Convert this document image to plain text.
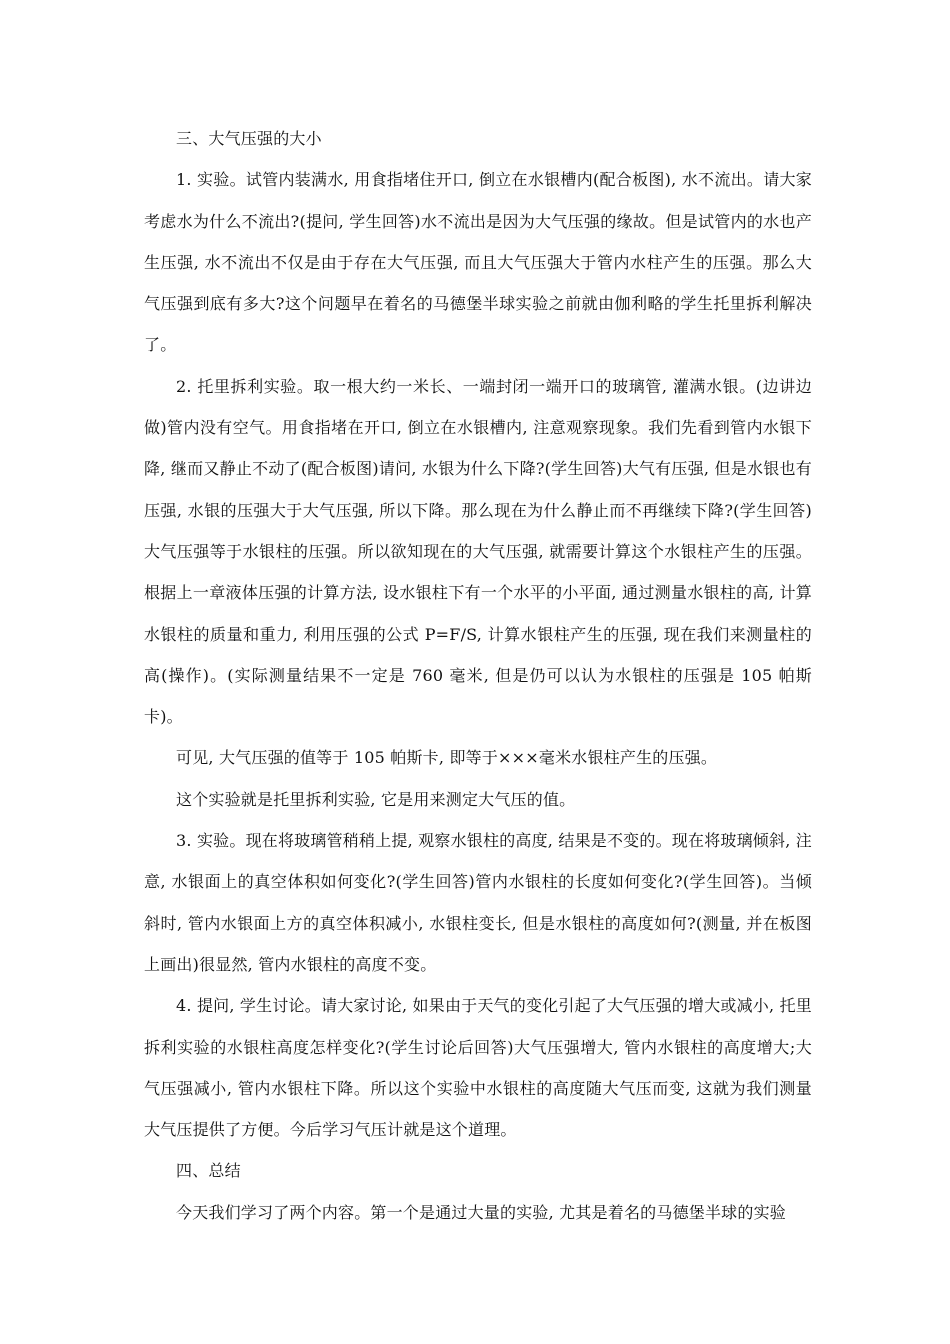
三、大气压强的大小

1. 实验。试管内装满水, 用食指堵住开口, 倒立在水银槽内(配合板图), 水不流出。请大家考虑水为什么不流出?(提问, 学生回答)水不流出是因为大气压强的缘故。但是试管内的水也产生压强, 水不流出不仅是由于存在大气压强, 而且大气压强大于管内水柱产生的压强。那么大气压强到底有多大?这个问题早在着名的马德堡半球实验之前就由伽利略的学生托里拆利解决了。

2. 托里拆利实验。取一根大约一米长、一端封闭一端开口的玻璃管, 灌满水银。(边讲边做)管内没有空气。用食指堵在开口, 倒立在水银槽内, 注意观察现象。我们先看到管内水银下降, 继而又静止不动了(配合板图)请问, 水银为什么下降?(学生回答)大气有压强, 但是水银也有压强, 水银的压强大于大气压强, 所以下降。那么现在为什么静止而不再继续下降?(学生回答)大气压强等于水银柱的压强。所以欲知现在的大气压强, 就需要计算这个水银柱产生的压强。根据上一章液体压强的计算方法, 设水银柱下有一个水平的小平面, 通过测量水银柱的高, 计算水银柱的质量和重力, 利用压强的公式 P=F/S, 计算水银柱产生的压强, 现在我们来测量柱的高(操作)。(实际测量结果不一定是 760 毫米, 但是仍可以认为水银柱的压强是 105 帕斯卡)。

可见, 大气压强的值等于 105 帕斯卡, 即等于×××毫米水银柱产生的压强。

这个实验就是托里拆利实验, 它是用来测定大气压的值。

3. 实验。现在将玻璃管稍稍上提, 观察水银柱的高度, 结果是不变的。现在将玻璃倾斜, 注意, 水银面上的真空体积如何变化?(学生回答)管内水银柱的长度如何变化?(学生回答)。当倾斜时, 管内水银面上方的真空体积减小, 水银柱变长, 但是水银柱的高度如何?(测量, 并在板图上画出)很显然, 管内水银柱的高度不变。

4. 提问, 学生讨论。请大家讨论, 如果由于天气的变化引起了大气压强的增大或减小, 托里拆利实验的水银柱高度怎样变化?(学生讨论后回答)大气压强增大, 管内水银柱的高度增大;大气压强减小, 管内水银柱下降。所以这个实验中水银柱的高度随大气压而变, 这就为我们测量大气压提供了方便。今后学习气压计就是这个道理。

四、总结

今天我们学习了两个内容。第一个是通过大量的实验, 尤其是着名的马德堡半球的实验
